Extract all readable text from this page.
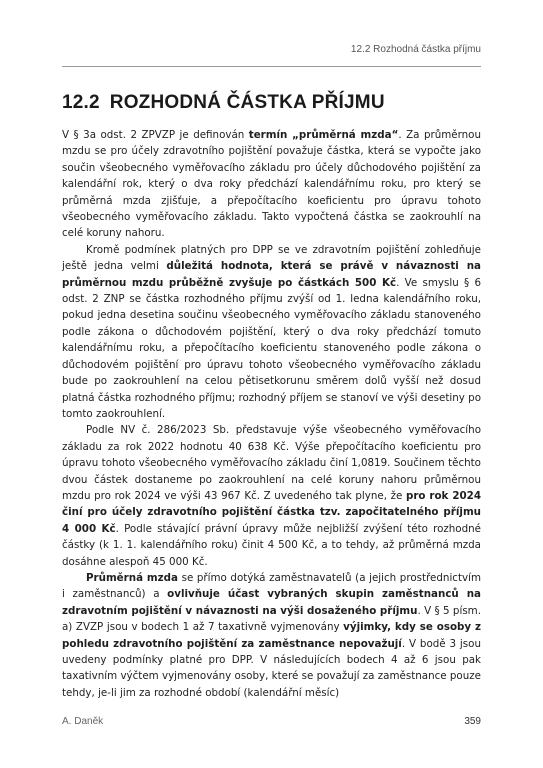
12.2 Rozhodná částka příjmu
12.2 ROZHODNÁ ČÁSTKA PŘÍJMU

V § 3a odst. 2 ZPVZP je definován termín „průměrná mzda“. Za průměrnou mzdu se pro účely zdravotního pojištění považuje částka, která se vypočte jako součin všeobecného vyměřovacího základu pro účely důchodového pojištění za kalendářní rok, který o dva roky předchází kalendářnímu roku, pro který se průměrná mzda zjišťuje, a přepočítacího koeficientu pro úpravu tohoto všeobecného vyměřovacího základu. Takto vypočtená částka se zaokrouhlí na celé koruny nahoru.

Kromě podmínek platných pro DPP se ve zdravotním pojištění zohledňuje ještě jedna velmi důležitá hodnota, která se právě v návaznosti na průměrnou mzdu průběžně zvyšuje po částkách 500 Kč. Ve smyslu § 6 odst. 2 ZNP se částka rozhodného příjmu zvýší od 1. ledna kalendářního roku, pokud jedna desetina součinu všeobecného vyměřovacího základu stanoveného podle zákona o důchodovém pojištění, který o dva roky předchází tomuto kalendářnímu roku, a přepočítacího koeficientu stanoveného podle zákona o důchodovém pojištění pro úpravu tohoto všeobecného vyměřovacího základu bude po zaokrouhlení na celou pětisetkorunu směrem dolů vyšší než dosud platná částka rozhodného příjmu; rozhodný příjem se stanoví ve výši desetiny po tomto zaokrouhlení.

Podle NV č. 286/2023 Sb. představuje výše všeobecného vyměřovacího základu za rok 2022 hodnotu 40 638 Kč. Výše přepočítacího koeficientu pro úpravu tohoto všeobecného vyměřovacího základu činí 1,0819. Součinem těchto dvou částek dostaneme po zaokrouhlení na celé koruny nahoru průměrnou mzdu pro rok 2024 ve výši 43 967 Kč. Z uvedeného tak plyne, že pro rok 2024 činí pro účely zdravotního pojištění částka tzv. započitatelného příjmu 4 000 Kč. Podle stávající právní úpravy může nejbližší zvýšení této rozhodné částky (k 1. 1. kalendářního roku) činit 4 500 Kč, a to tehdy, až průměrná mzda dosáhne alespoň 45 000 Kč.

Průměrná mzda se přímo dotýká zaměstnavatelů (a jejich prostřednictvím i zaměstnanců) a ovlivňuje účast vybraných skupin zaměstnanců na zdravotním pojištění v návaznosti na výši dosaženého příjmu. V § 5 písm. a) ZVZP jsou v bodech 1 až 7 taxativně vyjmenovány výjimky, kdy se osoby z pohledu zdravotního pojištění za zaměstnance nepovažují. V bodě 3 jsou uvedeny podmínky platné pro DPP. V následujících bodech 4 až 6 jsou pak taxativním výčtem vyjmenovány osoby, které se považují za zaměstnance pouze tehdy, je-li jim za rozhodné období (kalendářní měsíc)

A. Daněk	359
